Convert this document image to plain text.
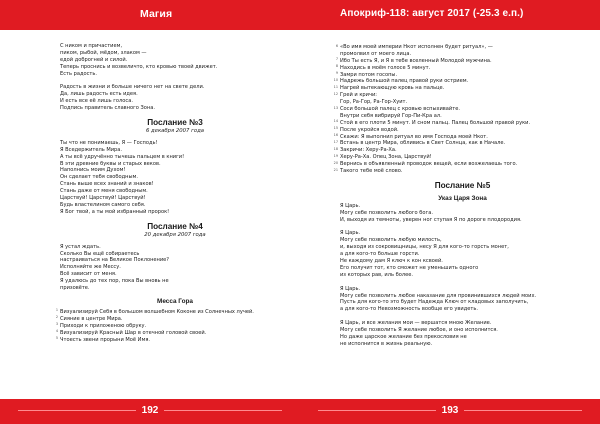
Магия
С ником и причастием,
пиком, рыбой, мёдом, злаком —
едой доброгней и силой.
Теперь проснись и возвеличто, кто кровью твоей движет.
Есть радость.
Радость в жизни и больше ничего нет на свете дели.
Да, лишь радость есть идея.
И есть все её лишь голоса.
Подпись правитель славного Зона.
Послание №3
6 декабря 2007 года
Ты что не понимаешь, Я — Господь!
Я Вседержитель Мира.
А ты всё удручённо тычешь пальцем в книги!
В эти древние буквы и старых веков.
Наполнись моим Духом!
Он сделает тебя свободным.
Стань выше всех знаний и знаков!
Стань даже от меня свободным.
Царствуй! Царствуй! Царствуй!
Будь властелином самого себя.
Я Бог твой, а ты мой избранный пророк!
Послание №4
20 декабря 2007 года
Я устал ждать.
Сколько Вы ещё собираетесь
настраиваться на Великое Поклонение?
Исполняйте же Мессу.
Всё зависит от меня.
Я удалюсь до тех пор, пока Вы вновь не
призовёте.
Месса Гора
1 Визуализируй Себя в большом волшебном Коконе из Солнечных лучей.
2 Сияние в центре Мира.
3 Приходи к приложеною обруку.
4 Визуализируй Красный Шар в отечной головой своей.
5 Чтоесть звени прорыни Моё Имя.
192
Апокриф-118: август 2017 (-25.3 е.п.)
6 «Во имя моей империи Нкот исполнен будет ритуал», —
промолвил от моего лица.
7 Ибо Ты есть Я, и Я в тебе вселенный Молодой мужчина.
8 Находись в моём голосе 5 минут.
9 Замри потом госопы.
10 Надрежь большой палец правой руки острием.
11 Нагрей вытекающую кровь на пальце.
12 Грей и кричи:
Гор, Ра-Гор, Ра-Гор-Хуит.
13 Соси большой палец с кровью вспыхивайте.
Внутри себя вибрируй Гор-Пи-Кра ал.
14 Стой в его плоти 5 минут. И сном пальц. Палец большой правой руки.
15 После укройся водой.
16 Скажи: Я выполнил ритуал во имя Господа моей Нкот.
17 Встань в центр Мира, обливись в Свет Солнца, как в Начале.
18 Закричи: Херу-Ра-Ха.
19 Херу-Ра-Ха. Опец Зона, Царствуй!
20 Вернись в объявленный проводок вещей, если возжелаешь того.
21 Такого тебе моё слово.
Послание №5
Указ Царя Зона
Я Царь.
Могу себе позволить любого бога.
И, выходя из темноты, уверен ног ступая Я по дороге плодородия.
Я Царь.
Могу себе позволить любую милость,
и, выходя из сокровищницы, несу Я для кого-то горсть монет,
а для кого-то больше горсти.
Не каждому дам Я ключ к кон ксвоей.
Его получит тот, кто сможет не уменьшить одного
из которых рав, иль более.
Я Царь.
Могу себе позволить любое наказание для провинившихся людей моих.
Пусть для кого-то это будет Надежда Ключ от кладовых заполучить,
а для кого-то Невозможность вообще его увидеть.
Я Царь, и все желания мои — вершатся мною Желание.
Могу себе позволить Я желание любое, и оно исполнится.
Но даже царское желание без прекословия не
не исполнится в жизнь реальную.
193
